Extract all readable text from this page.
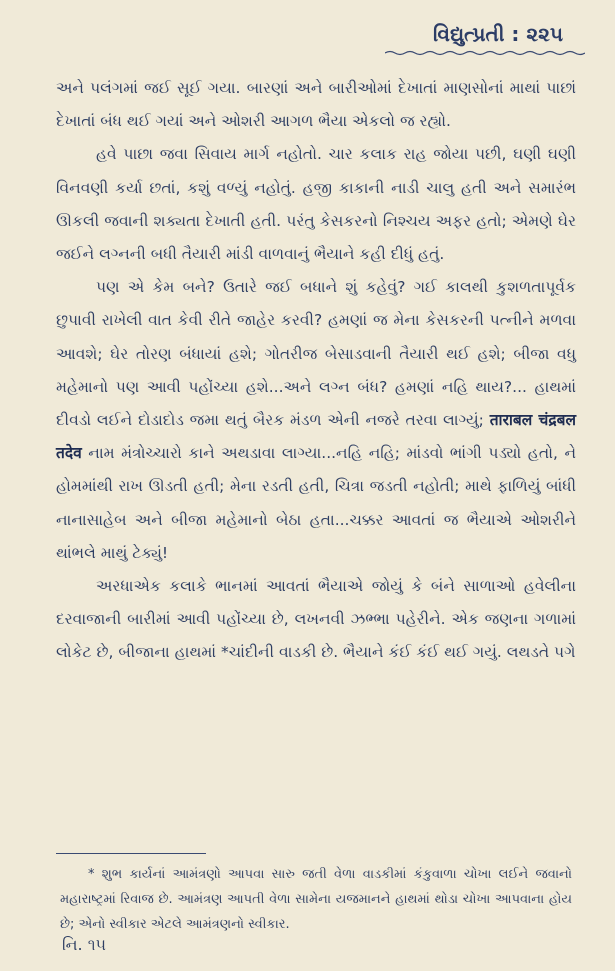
વિદ્યુત્પ્રતી : ૨૨૫

અને પલંગમાં જઈ સૂઈ ગયા. બારણાં અને બારીઓમાં દેખાતાં માણસોનાં માથાં પાછાં દેખાતાં બંધ થઈ ગયાં અને ઓશરી આગળ ભૈયા એકલો જ રહ્યો.

હવે પાછા જવા સિવાય માર્ગ નહોતો. ચાર કલાક રાહ જોયા પછી, ઘણી ઘણી વિનવણી કર્યા છતાં, કશું વળ્યું નહોતું. હજી કાકાની નાડી ચાલુ હતી અને સમારંભ ઊકલી જવાની શક્યતા દેખાતી હતી. પરંતુ કેસકરનો નિશ્ચય અફર હતો; એમણે ઘેર જઈને લગ્નની બધી તૈયારી માંડી વાળવાનું ભૈયાને કહી દીધું હતું.

પણ એ કેમ બને? ઉતારે જઈ બધાને શું કહેવું? ગઈ કાલથી કુશળતાપૂર્વક છુપાવી રાખેલી વાત કેવી રીતે જાહેર કરવી? હમણાં જ મેના કેસકરની પત્નીને મળવા આવશે; ઘેર તોરણ બંધાયાં હશે; ગોતરીજ બેસાડવાની તૈયારી થઈ હશે; બીજા વધુ મહેમાનો પણ આવી પહોંચ્યા હશે...અને લગ્ન બંધ? હમણાં નહિ થાય?... હાથમાં દીવડો લઈને દોડાદોડ જમા થતું બૈરક મંડળ એની નજરે તરવા લાગ્યું; ताराबल चंद्रबल तदेव નામ મંત્રોચ્ચારો કાને અથડાવા લાગ્યા...નહિ નહિ; માંડવો ભાંગી પડ્યો હતો, ને હોમમાંથી રાખ ઊડતી હતી; મેના રડતી હતી, ચિત્રા જડતી નહોતી; માથે ફાળિયું બાંધી નાનાસાહેબ અને બીજા મહેમાનો બેઠા હતા...ચક્કર આવતાં જ ભૈયાએ ઓશરીને થાંભલે માથું ટેક્યું!

અરધાએક કલાકે ભાનમાં આવતાં ભૈયાએ જોયું કે બંને સાળાઓ હવેલીના દરવાજાની બારીમાં આવી પહોંચ્યા છે, લખનવી ઝભ્ભા પહેરીને. એક જણના ગળામાં લોકેટ છે, બીજાના હાથમાં *ચાંદીની વાડકી છે. ભૈયાને કંઈ કંઈ થઈ ગયું. લથડતે પગે

* શુભ કાર્યનાં આમંત્રણો આપવા સારુ જતી વેળા વાડકીમાં કંકુવાળા ચોખા લઈને જવાનો મહારાષ્ટ્રમાં રિવાજ છે. આમંત્રણ આપતી વેળા સામેના યજમાનને હાથમાં થોડા ચોખા આપવાના હોય છે; એનો સ્વીકાર એટલે આમંત્રણનો સ્વીકાર.

નિ. ૧૫
